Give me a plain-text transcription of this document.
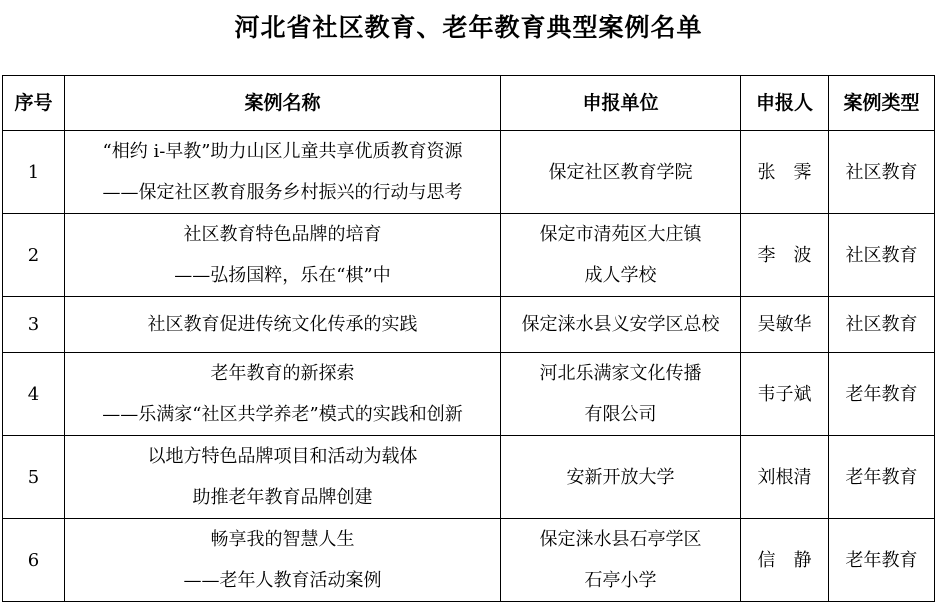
河北省社区教育、老年教育典型案例名单
序号	案例名称	申报单位	申报人	案例类型
1	“相约 i-早教”助力山区儿童共享优质教育资源
——保定社区教育服务乡村振兴的行动与思考	保定社区教育学院	张　霁	社区教育
2	社区教育特色品牌的培育
——弘扬国粹，乐在“棋”中	保定市清苑区大庄镇
成人学校	李　波	社区教育
3	社区教育促进传统文化传承的实践	保定涞水县义安学区总校	吴敏华	社区教育
4	老年教育的新探索
——乐满家“社区共学养老”模式的实践和创新	河北乐满家文化传播
有限公司	韦子斌	老年教育
5	以地方特色品牌项目和活动为载体
助推老年教育品牌创建	安新开放大学	刘根清	老年教育
6	畅享我的智慧人生
——老年人教育活动案例	保定涞水县石亭学区
石亭小学	信　静	老年教育
